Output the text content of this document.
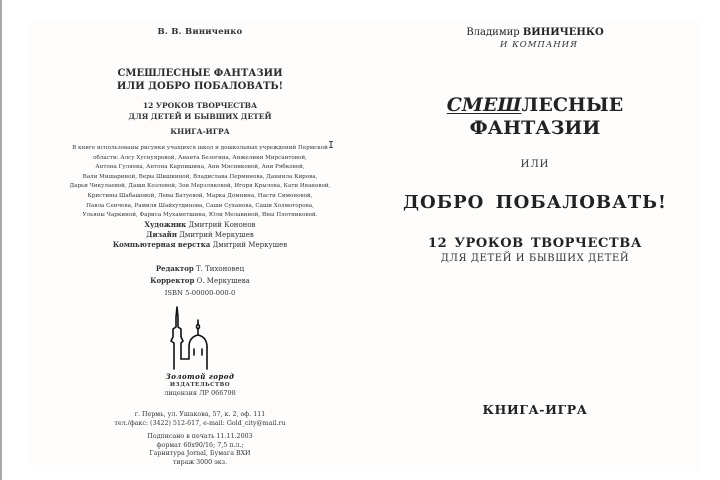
В. В. Виниченко
СМЕШЛЕСНЫЕ ФАНТАЗИИ
ИЛИ ДОБРО ПОБАЛОВАТЬ!
12 УРОКОВ ТВОРЧЕСТВА
ДЛЯ ДЕТЕЙ И БЫВШИХ ДЕТЕЙ
КНИГА-ИГРА
В книге использованы рисунки учащихся школ и дошкольных учреждений Пермской
области: Алсу Хуснуяровой, Ананта Безогина, Анжелики Мирсаитовой,
Антона Гуляева, Антона Карпишина, Ани Мясниковой, Ани Рябковой,
Вали Мишариной, Веры Шишкиной, Владислава Перминова, Даниила Кирова,
Дарьи Чикулаевой, Даши Козловой, Зои Мерзляковой, Игоря Крылова, Кати Ивановой,
Кристины Шабашовой, Левы Батуевой, Марка Домнина, Насти Симоновой,
Павла Сенчева, Рамиля Шайхутдинова, Саши Суханова, Саши Холмогорова,
Ульяны Чаркиной, Фариса Мухаметшина, Юли Мелавиной, Яны Плотниковой.
Художник Дмитрий Кононов
Дизайн Дмитрий Меркушев
Компьютерная верстка Дмитрий Меркушев
Редактор Т. Тихоновец
Корректор О. Меркушева
ISBN 5-00000-000-0
Золотой город
ИЗДАТЕЛЬСТВО
лицензия ЛР 066798
г. Пермь, ул. Ушакова, 57, к. 2, оф. 111
тел./факс: (3422) 512-617, e-mail: Gold_city@mail.ru
Подписано в печать 11.11.2003
формат 60х90/16; 7,5 п.л.;
Гарнитура Jornal, Бумага ВХИ
тираж 3000 экз.
Владимир ВИНИЧЕНКО
И КОМПАНИЯ
СМЕШЛЕСНЫЕ
ФАНТАЗИИ
ИЛИ
ДОБРО ПОБАЛОВАТЬ!
12 УРОКОВ ТВОРЧЕСТВА
ДЛЯ ДЕТЕЙ И БЫВШИХ ДЕТЕЙ
КНИГА-ИГРА
I
